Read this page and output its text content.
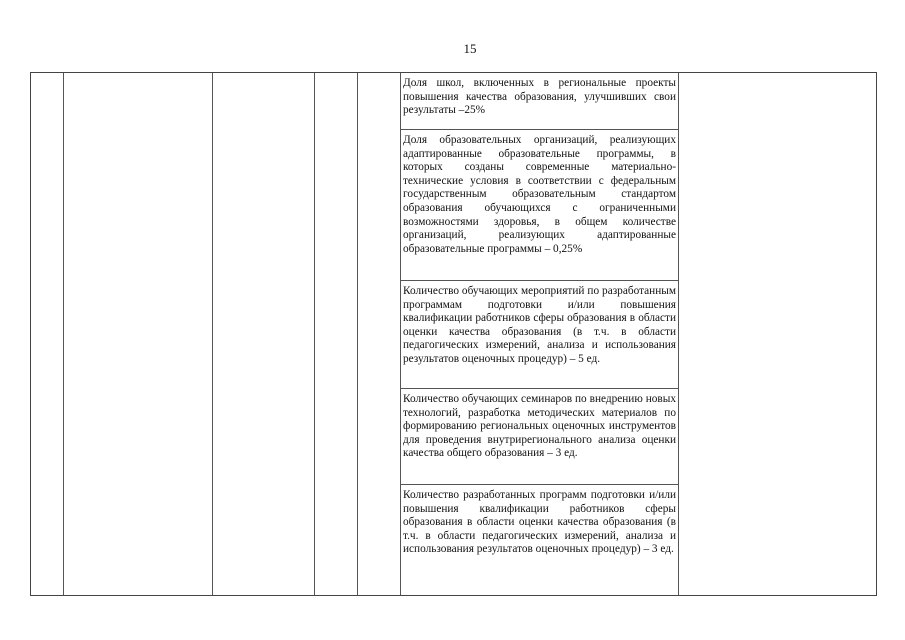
15
Доля школ, включенных в региональные проекты повышения качества образования, улучшивших свои результаты –25%
Доля образовательных организаций, реализующих адаптированные образовательные программы, в которых созданы современные материально- технические условия в соответствии с федеральным государственным образовательным стандартом образования обучающихся с ограниченными возможностями здоровья, в общем количестве организаций, реализующих адаптированные образовательные программы – 0,25%
Количество обучающих мероприятий по разработанным программам подготовки и/или повышения квалификации работников сферы образования в области оценки качества образования (в т.ч. в области педагогических измерений, анализа и использования результатов оценочных процедур) – 5 ед.
Количество обучающих семинаров по внедрению новых технологий, разработка методических материалов по формированию региональных оценочных инструментов для проведения внутрирегионального анализа оценки качества общего образования – 3 ед.
Количество разработанных программ подготовки и/или повышения квалификации работников сферы образования в области оценки качества образования (в т.ч. в области педагогических измерений, анализа и использования результатов оценочных процедур) – 3 ед.
